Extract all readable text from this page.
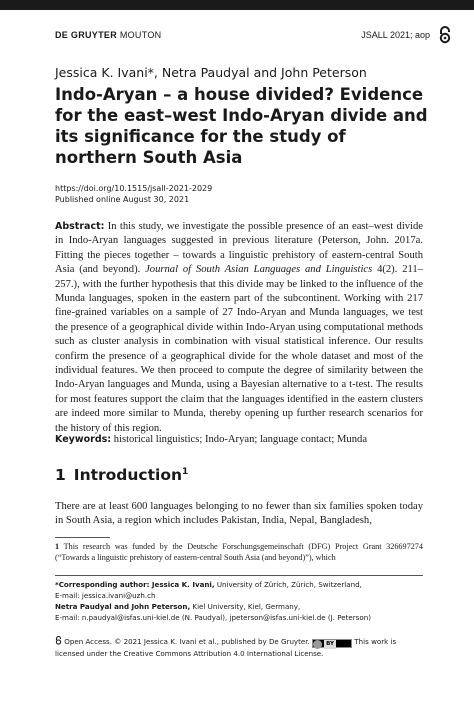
DE GRUYTER MOUTON	JSALL 2021; aop
Jessica K. Ivani*, Netra Paudyal and John Peterson
Indo-Aryan – a house divided? Evidence for the east–west Indo-Aryan divide and its significance for the study of northern South Asia
https://doi.org/10.1515/jsall-2021-2029
Published online August 30, 2021
Abstract: In this study, we investigate the possible presence of an east–west divide in Indo-Aryan languages suggested in previous literature (Peterson, John. 2017a. Fitting the pieces together – towards a linguistic prehistory of eastern-central South Asia (and beyond). Journal of South Asian Languages and Linguistics 4(2). 211–257.), with the further hypothesis that this divide may be linked to the influence of the Munda languages, spoken in the eastern part of the subcontinent. Working with 217 fine-grained variables on a sample of 27 Indo-Aryan and Munda languages, we test the presence of a geographical divide within Indo-Aryan using computational methods such as cluster analysis in combination with visual statistical inference. Our results confirm the presence of a geographical divide for the whole dataset and most of the individual features. We then proceed to compute the degree of similarity between the Indo-Aryan languages and Munda, using a Bayesian alternative to a t-test. The results for most features support the claim that the languages identified in the eastern clusters are indeed more similar to Munda, thereby opening up further research scenarios for the history of this region.
Keywords: historical linguistics; Indo-Aryan; language contact; Munda
1 Introduction$^1$
There are at least 600 languages belonging to no fewer than six families spoken today in South Asia, a region which includes Pakistan, India, Nepal, Bangladesh,
1 This research was funded by the Deutsche Forschungsgemeinschaft (DFG) Project Grant 326697274 (“Towards a linguistic prehistory of eastern-central South Asia (and beyond)”), which
*Corresponding author: Jessica K. Ivani, University of Zürich, Zürich, Switzerland,
E-mail: jessica.ivani@uzh.ch
Netra Paudyal and John Peterson, Kiel University, Kiel, Germany,
E-mail: n.paudyal@isfas.uni-kiel.de (N. Paudyal), jpeterson@isfas.uni-kiel.de (J. Peterson)
Open Access. © 2021 Jessica K. Ivani et al., published by De Gruyter.	BY	This work is licensed under the Creative Commons Attribution 4.0 International License.
